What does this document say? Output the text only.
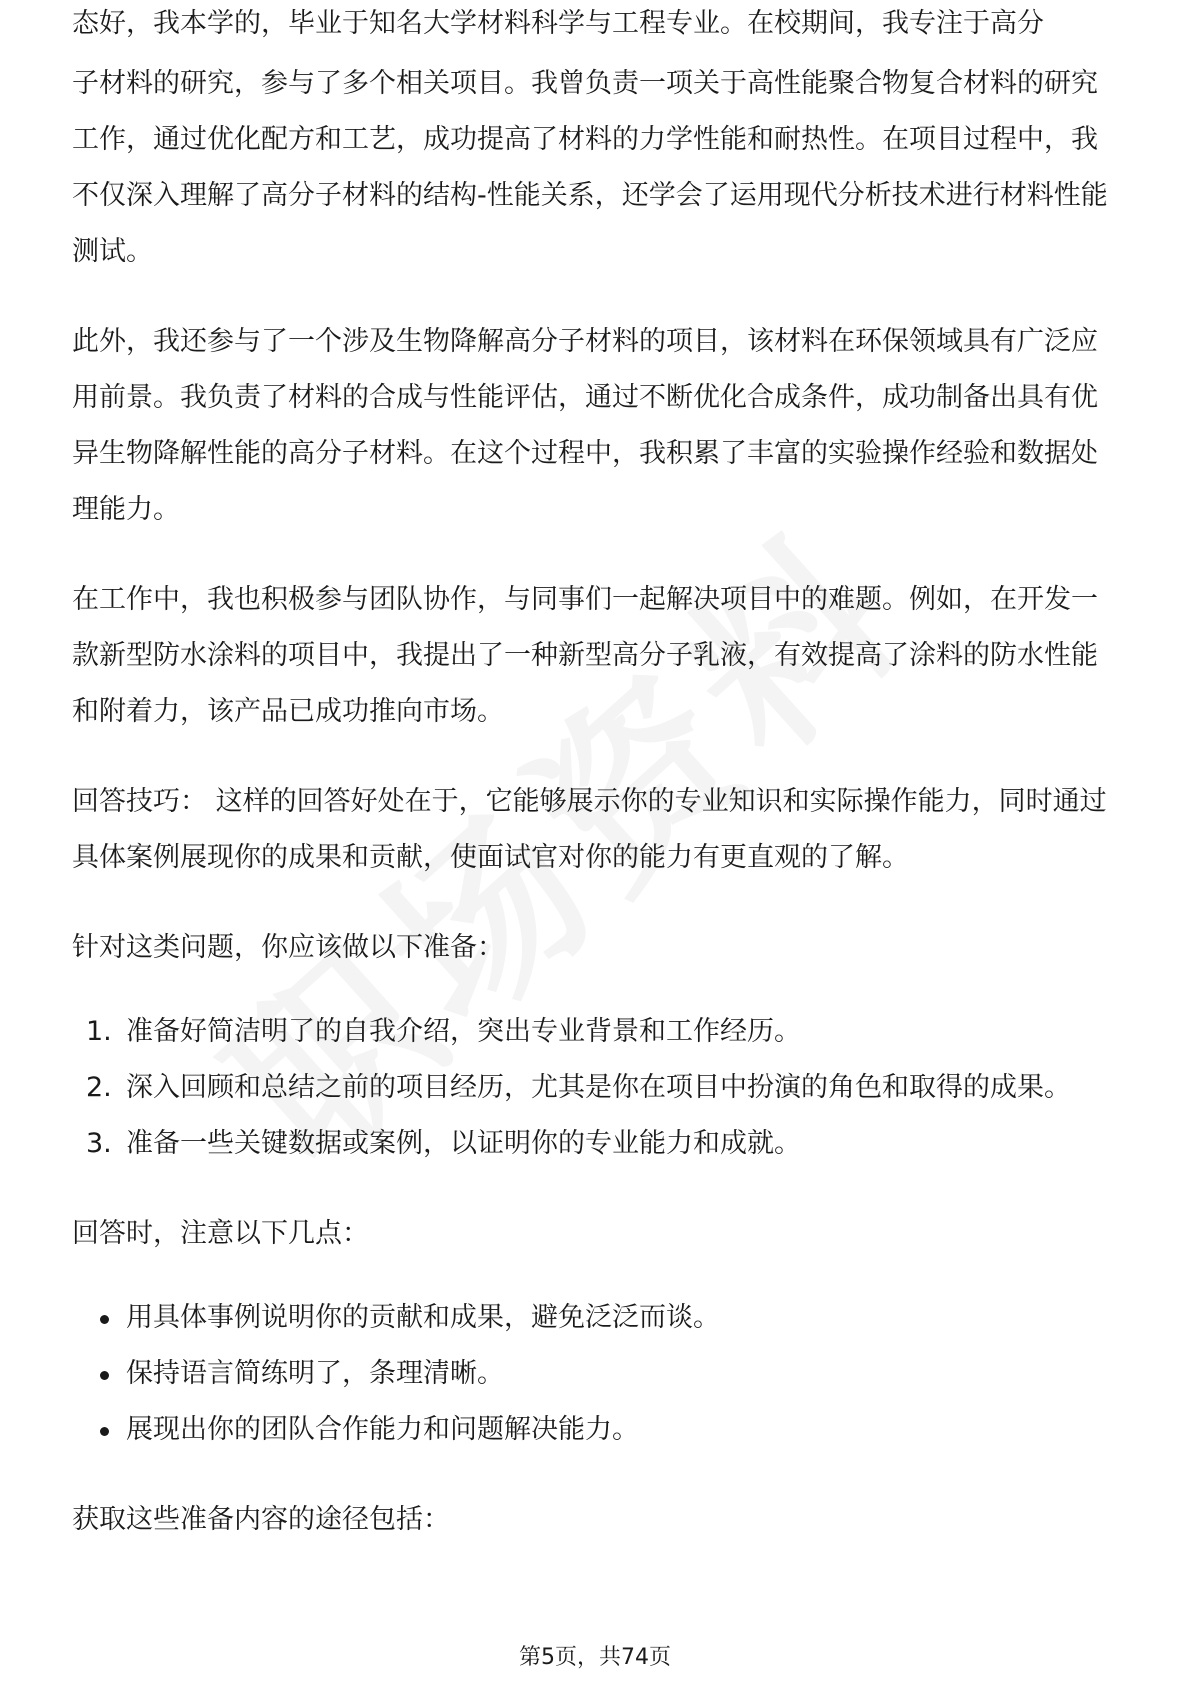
态好，我本学的，毕业于知名大学材料科学与工程专业。在校期间，我专注于高分

子材料的研究，参与了多个相关项目。我曾负责一项关于高性能聚合物复合材料的研究工作，通过优化配方和工艺，成功提高了材料的力学性能和耐热性。在项目过程中，我不仅深入理解了高分子材料的结构-性能关系，还学会了运用现代分析技术进行材料性能测试。

此外，我还参与了一个涉及生物降解高分子材料的项目，该材料在环保领域具有广泛应用前景。我负责了材料的合成与性能评估，通过不断优化合成条件，成功制备出具有优异生物降解性能的高分子材料。在这个过程中，我积累了丰富的实验操作经验和数据处理能力。

在工作中，我也积极参与团队协作，与同事们一起解决项目中的难题。例如，在开发一款新型防水涂料的项目中，我提出了一种新型高分子乳液，有效提高了涂料的防水性能和附着力，该产品已成功推向市场。

回答技巧： 这样的回答好处在于，它能够展示你的专业知识和实际操作能力，同时通过具体案例展现你的成果和贡献，使面试官对你的能力有更直观的了解。

针对这类问题，你应该做以下准备：

1. 准备好简洁明了的自我介绍，突出专业背景和工作经历。
2. 深入回顾和总结之前的项目经历，尤其是你在项目中扮演的角色和取得的成果。
3. 准备一些关键数据或案例，以证明你的专业能力和成就。

回答时，注意以下几点：

用具体事例说明你的贡献和成果，避免泛泛而谈。
保持语言简练明了，条理清晰。
展现出你的团队合作能力和问题解决能力。

获取这些准备内容的途径包括：

第5页，共74页
